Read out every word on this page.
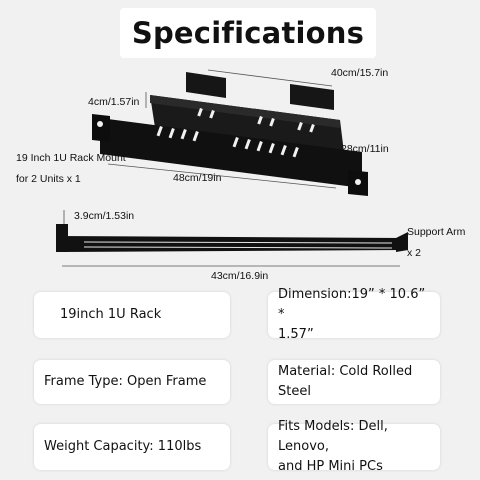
Specifications
40cm/15.7in
4cm/1.57in
28cm/11in
48cm/19in
19 Inch 1U Rack Mount
for 2 Units x 1
3.9cm/1.53in
Support Arm
x 2
43cm/16.9in
19inch 1U Rack
Dimension:19” * 10.6” *
1.57”
Frame Type: Open Frame
Material: Cold Rolled Steel
Weight Capacity: 110lbs
Fits Models: Dell, Lenovo,
and HP Mini PCs
